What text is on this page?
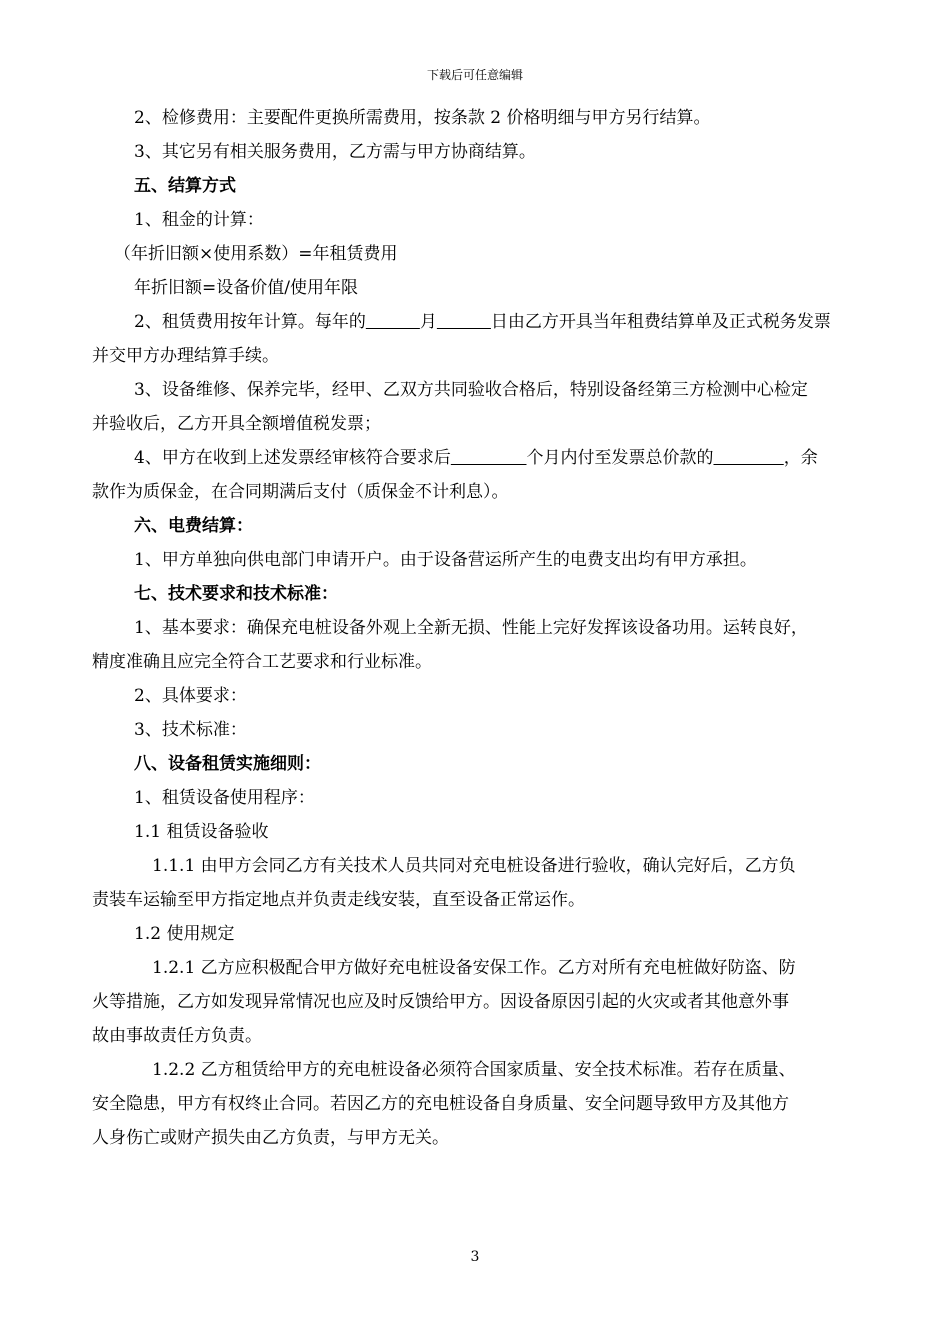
下载后可任意编辑

2、检修费用：主要配件更换所需费用，按条款 2 价格明细与甲方另行结算。

3、其它另有相关服务费用，乙方需与甲方协商结算。

五、结算方式

1、租金的计算：

（年折旧额×使用系数）=年租赁费用

年折旧额=设备价值/使用年限

2、租赁费用按年计算。每年的	月	日由乙方开具当年租费结算单及正式税务发票

并交甲方办理结算手续。

3、设备维修、保养完毕，经甲、乙双方共同验收合格后，特别设备经第三方检测中心检定

并验收后，乙方开具全额增值税发票；

4、甲方在收到上述发票经审核符合要求后	个月内付至发票总价款的	，余

款作为质保金，在合同期满后支付（质保金不计利息）。

六、电费结算：

1、甲方单独向供电部门申请开户。由于设备营运所产生的电费支出均有甲方承担。

七、技术要求和技术标准：

1、基本要求：确保充电桩设备外观上全新无损、性能上完好发挥该设备功用。运转良好，

精度准确且应完全符合工艺要求和行业标准。

2、具体要求：

3、技术标准：

八、设备租赁实施细则：

1、租赁设备使用程序：

1.1 租赁设备验收

1.1.1 由甲方会同乙方有关技术人员共同对充电桩设备进行验收，确认完好后，乙方负

责装车运输至甲方指定地点并负责走线安装，直至设备正常运作。

1.2 使用规定

1.2.1 乙方应积极配合甲方做好充电桩设备安保工作。乙方对所有充电桩做好防盗、防

火等措施，乙方如发现异常情况也应及时反馈给甲方。因设备原因引起的火灾或者其他意外事

故由事故责任方负责。

1.2.2 乙方租赁给甲方的充电桩设备必须符合国家质量、安全技术标准。若存在质量、

安全隐患，甲方有权终止合同。若因乙方的充电桩设备自身质量、安全问题导致甲方及其他方

人身伤亡或财产损失由乙方负责，与甲方无关。

3
